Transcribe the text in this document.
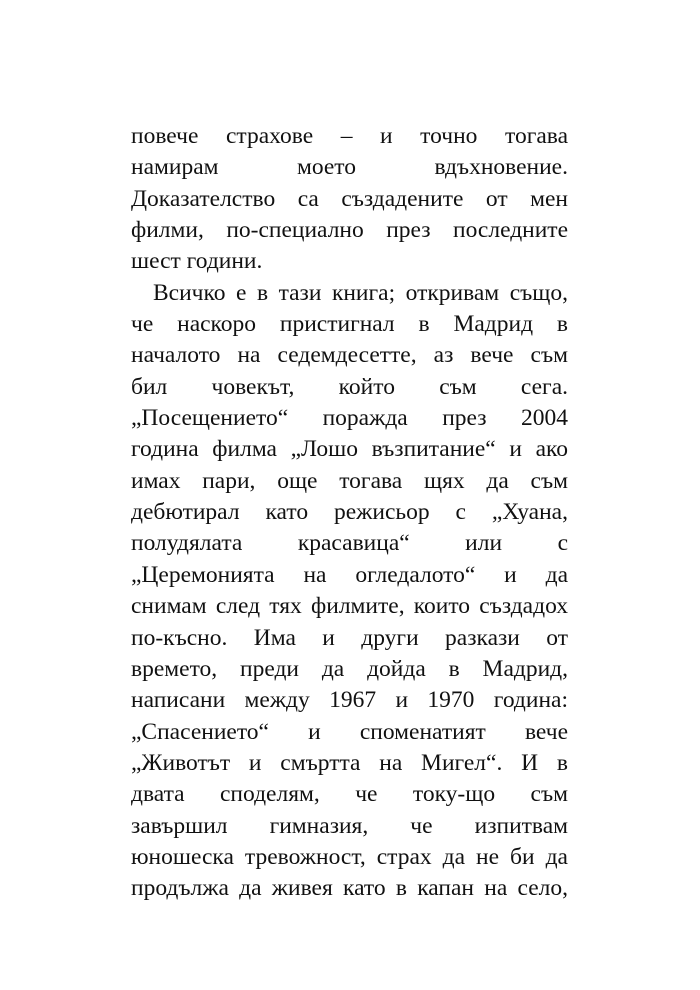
повече страхове – и точно тогава
намирам моето вдъхновение.
Доказателство са създадените от мен
филми, по-специално през последните
шест години.
Всичко е в тази книга; откривам също,
че наскоро пристигнал в Мадрид в
началото на седемдесетте, аз вече съм
бил човекът, който съм сега.
„Посещението“ поражда през 2004
година филма „Лошо възпитание“ и ако
имах пари, още тогава щях да съм
дебютирал като режисьор с „Хуана,
полудялата красавица“ или с
„Церемонията на огледалото“ и да
снимам след тях филмите, които създадох
по-късно. Има и други разкази от
времето, преди да дойда в Мадрид,
написани между 1967 и 1970 година:
„Спасението“ и споменатият вече
„Животът и смъртта на Мигел“. И в
двата споделям, че току-що съм
завършил гимназия, че изпитвам
юношеска тревожност, страх да не би да
продължа да живея като в капан на село,
